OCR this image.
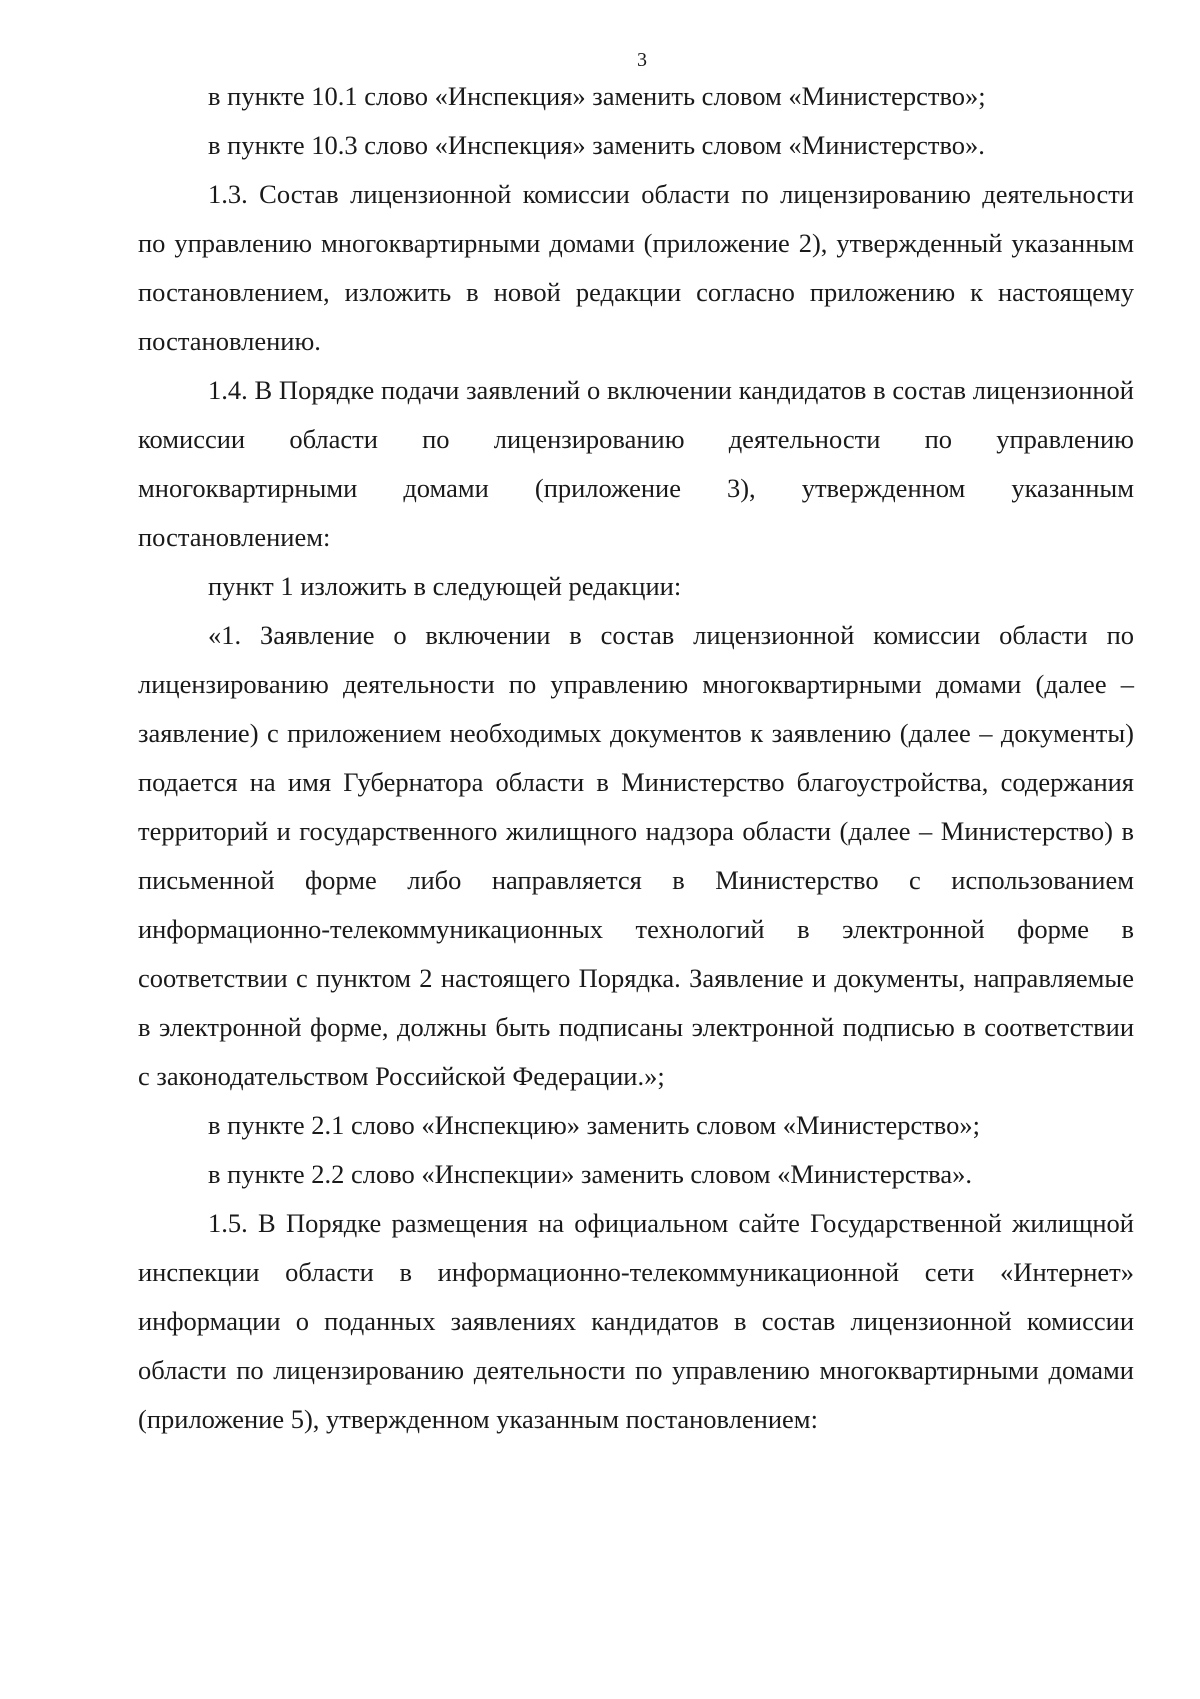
3

в пункте 10.1 слово «Инспекция» заменить словом «Министерство»;

в пункте 10.3 слово «Инспекция» заменить словом «Министерство».

1.3. Состав лицензионной комиссии области по лицензированию деятельности по управлению многоквартирными домами (приложение 2), утвержденный указанным постановлением, изложить в новой редакции согласно приложению к настоящему постановлению.

1.4. В Порядке подачи заявлений о включении кандидатов в состав лицензионной комиссии области по лицензированию деятельности по управлению многоквартирными домами (приложение 3), утвержденном указанным постановлением:

пункт 1 изложить в следующей редакции:

«1. Заявление о включении в состав лицензионной комиссии области по лицензированию деятельности по управлению многоквартирными домами (далее – заявление) с приложением необходимых документов к заявлению (далее – документы) подается на имя Губернатора области в Министерство благоустройства, содержания территорий и государственного жилищного надзора области (далее – Министерство) в письменной форме либо направляется в Министерство с использованием информационно-телекоммуникационных технологий в электронной форме в соответствии с пунктом 2 настоящего Порядка. Заявление и документы, направляемые в электронной форме, должны быть подписаны электронной подписью в соответствии с законодательством Российской Федерации.»;

в пункте 2.1 слово «Инспекцию» заменить словом «Министерство»;

в пункте 2.2 слово «Инспекции» заменить словом «Министерства».

1.5. В Порядке размещения на официальном сайте Государственной жилищной инспекции области в информационно-телекоммуникационной сети «Интернет» информации о поданных заявлениях кандидатов в состав лицензионной комиссии области по лицензированию деятельности по управлению многоквартирными домами (приложение 5), утвержденном указанным постановлением:
